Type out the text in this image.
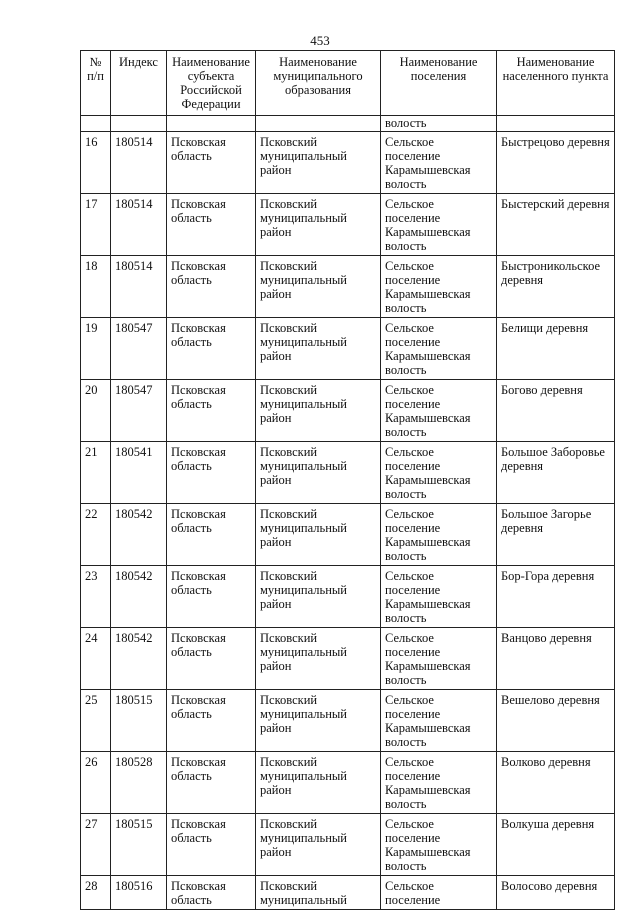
453
№ п/п	Индекс	Наименование субъекта Российской Федерации	Наименование муниципального образования	Наименование поселения	Наименование населенного пункта
				волость	
16	180514	Псковская область	Псковский муниципальный район	Сельское поселение Карамышевская волость	Быстрецово деревня
17	180514	Псковская область	Псковский муниципальный район	Сельское поселение Карамышевская волость	Быстерский деревня
18	180514	Псковская область	Псковский муниципальный район	Сельское поселение Карамышевская волость	Быстроникольское деревня
19	180547	Псковская область	Псковский муниципальный район	Сельское поселение Карамышевская волость	Белищи деревня
20	180547	Псковская область	Псковский муниципальный район	Сельское поселение Карамышевская волость	Богово деревня
21	180541	Псковская область	Псковский муниципальный район	Сельское поселение Карамышевская волость	Большое Заборовье деревня
22	180542	Псковская область	Псковский муниципальный район	Сельское поселение Карамышевская волость	Большое Загорье деревня
23	180542	Псковская область	Псковский муниципальный район	Сельское поселение Карамышевская волость	Бор-Гора деревня
24	180542	Псковская область	Псковский муниципальный район	Сельское поселение Карамышевская волость	Ванцово деревня
25	180515	Псковская область	Псковский муниципальный район	Сельское поселение Карамышевская волость	Вешелово деревня
26	180528	Псковская область	Псковский муниципальный район	Сельское поселение Карамышевская волость	Волково деревня
27	180515	Псковская область	Псковский муниципальный район	Сельское поселение Карамышевская волость	Волкуша деревня
28	180516	Псковская область	Псковский муниципальный	Сельское поселение	Волосово деревня
